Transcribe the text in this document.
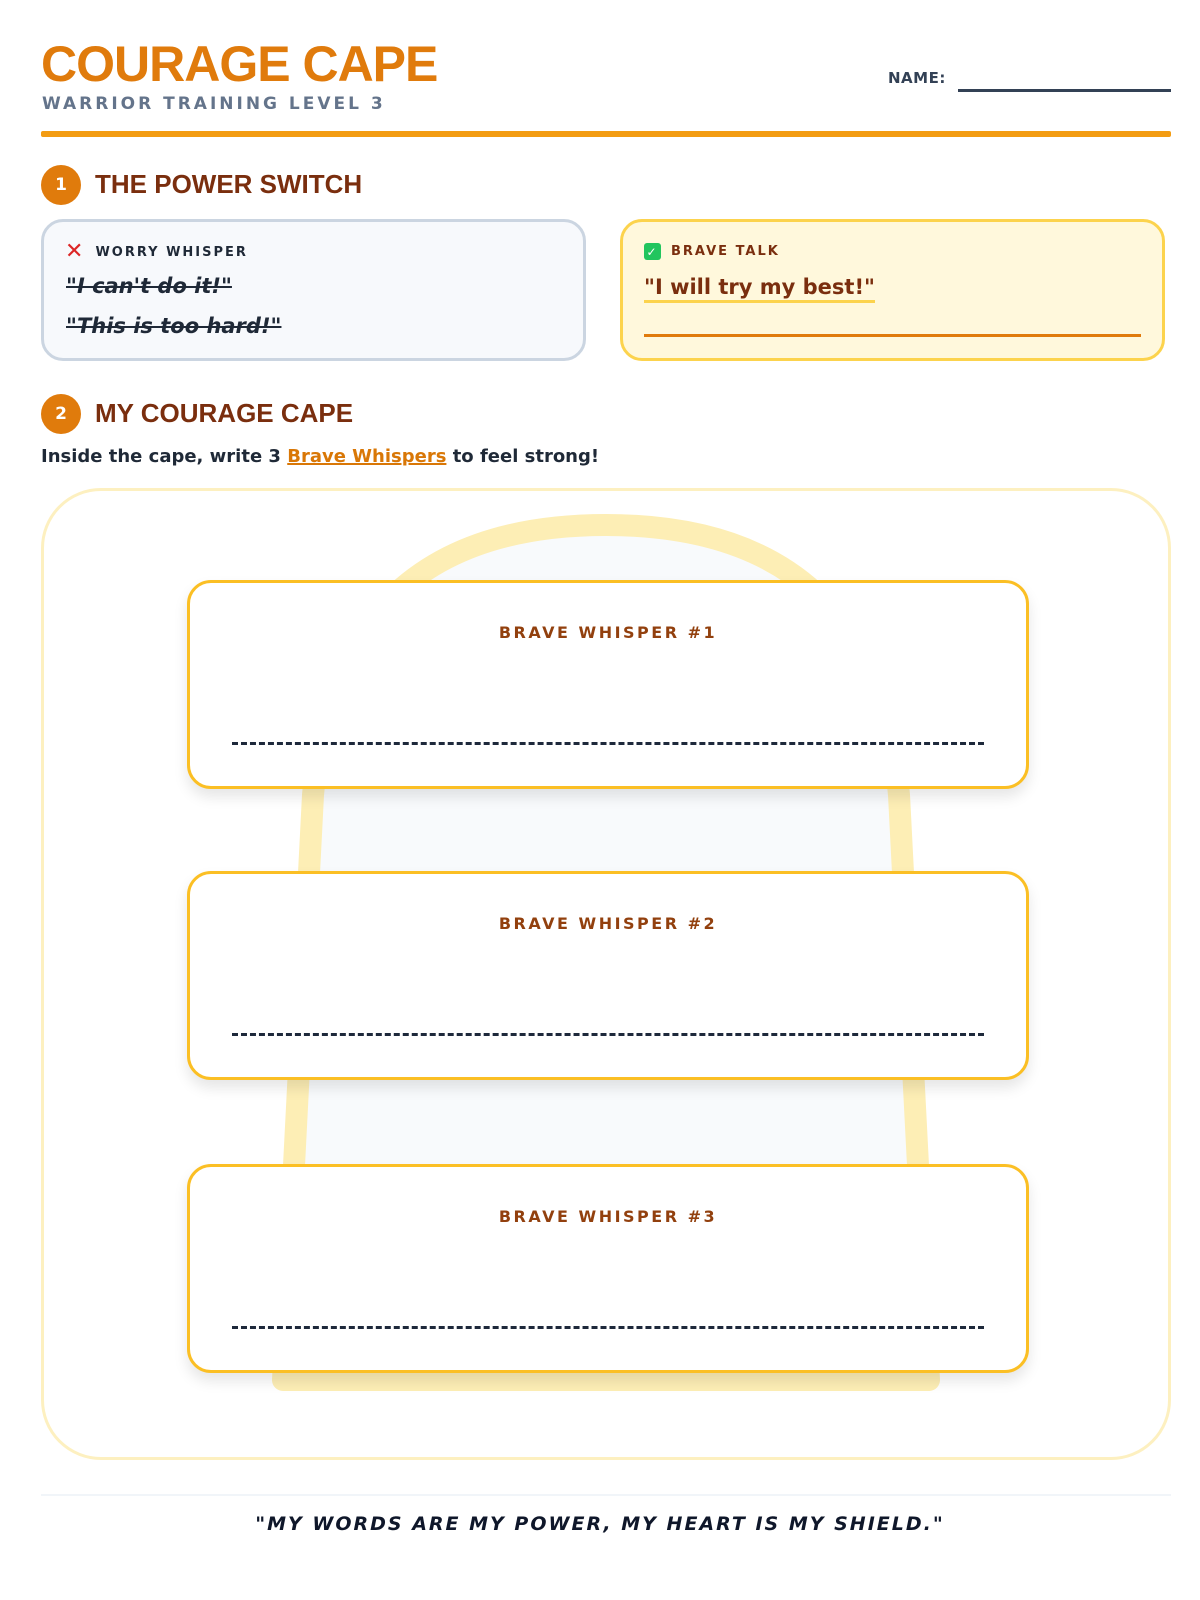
COURAGE CAPE
WARRIOR TRAINING LEVEL 3
NAME:
1	THE POWER SWITCH
✕ WORRY WHISPER
"I can't do it!"
"This is too hard!"
✓ BRAVE TALK
"I will try my best!"
2	MY COURAGE CAPE
Inside the cape, write 3 Brave Whispers to feel strong!
BRAVE WHISPER #1
BRAVE WHISPER #2
BRAVE WHISPER #3
"MY WORDS ARE MY POWER, MY HEART IS MY SHIELD."
